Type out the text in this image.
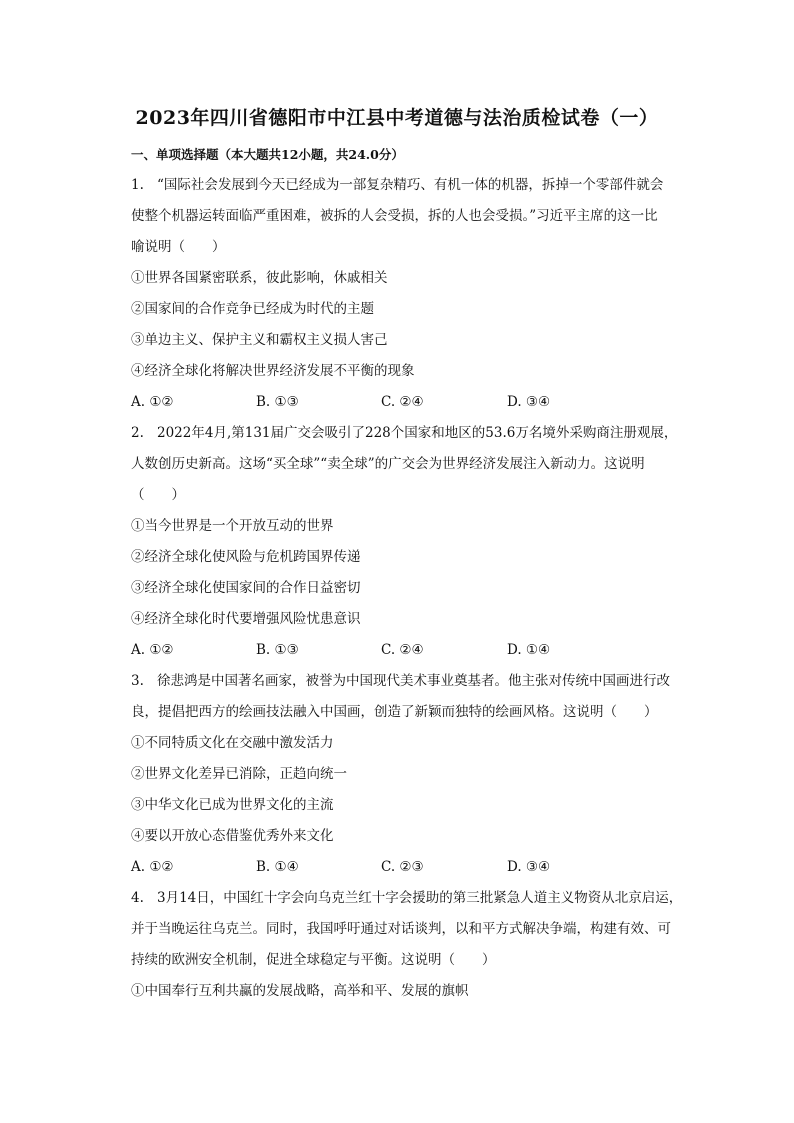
2023年四川省德阳市中江县中考道德与法治质检试卷（一）
一、单项选择题（本大题共12小题，共24.0分）
1. “国际社会发展到今天已经成为一部复杂精巧、有机一体的机器，拆掉一个零部件就会
使整个机器运转面临严重困难，被拆的人会受损，拆的人也会受损。”习近平主席的这一比
喻说明（　　）
①世界各国紧密联系，彼此影响，休戚相关
②国家间的合作竞争已经成为时代的主题
③单边主义、保护主义和霸权主义损人害己
④经济全球化将解决世界经济发展不平衡的现象
A. ①②	B. ①③	C. ②④	D. ③④
2. 2022年4月,第131届广交会吸引了228个国家和地区的53.6万名境外采购商注册观展，
人数创历史新高。这场“买全球”“卖全球”的广交会为世界经济发展注入新动力。这说明
（　　）
①当今世界是一个开放互动的世界
②经济全球化使风险与危机跨国界传递
③经济全球化使国家间的合作日益密切
④经济全球化时代要增强风险忧患意识
A. ①②	B. ①③	C. ②④	D. ①④
3. 徐悲鸿是中国著名画家，被誉为中国现代美术事业奠基者。他主张对传统中国画进行改
良，提倡把西方的绘画技法融入中国画，创造了新颖而独特的绘画风格。这说明（　　）
①不同特质文化在交融中激发活力
②世界文化差异已消除，正趋向统一
③中华文化已成为世界文化的主流
④要以开放心态借鉴优秀外来文化
A. ①②	B. ①④	C. ②③	D. ③④
4. 3月14日，中国红十字会向乌克兰红十字会援助的第三批紧急人道主义物资从北京启运，
并于当晚运往乌克兰。同时，我国呼吁通过对话谈判，以和平方式解决争端，构建有效、可
持续的欧洲安全机制，促进全球稳定与平衡。这说明（　　）
①中国奉行互利共赢的发展战略，高举和平、发展的旗帜
